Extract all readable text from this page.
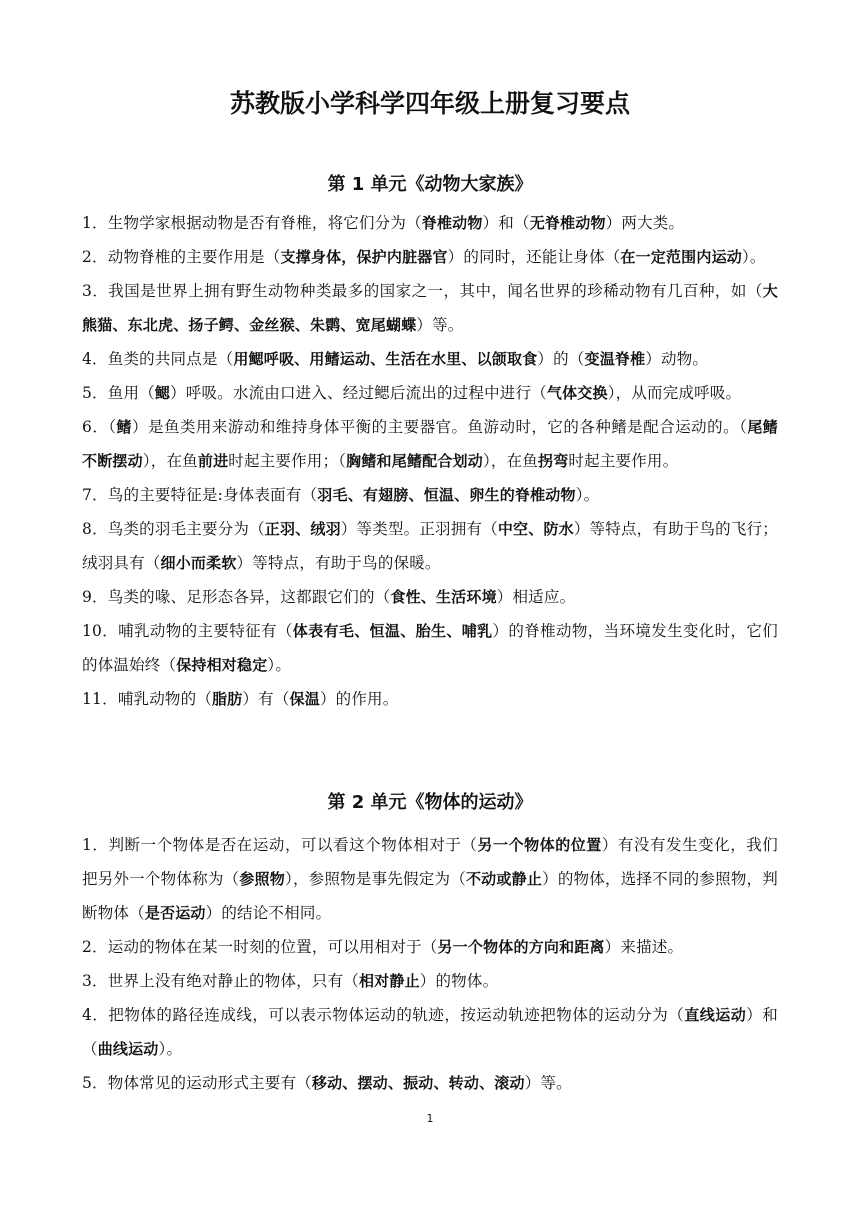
苏教版小学科学四年级上册复习要点
第 1 单元《动物大家族》

1．生物学家根据动物是否有脊椎，将它们分为（脊椎动物）和（无脊椎动物）两大类。

2．动物脊椎的主要作用是（支撑身体，保护内脏器官）的同时，还能让身体（在一定范围内运动）。

3．我国是世界上拥有野生动物种类最多的国家之一，其中，闻名世界的珍稀动物有几百种，如（大熊猫、东北虎、扬子鳄、金丝猴、朱鹮、宽尾蝴蝶）等。

4．鱼类的共同点是（用鳃呼吸、用鳍运动、生活在水里、以颌取食）的（变温脊椎）动物。

5．鱼用（鳃）呼吸。水流由口进入、经过鳃后流出的过程中进行（气体交换），从而完成呼吸。

6．（鳍）是鱼类用来游动和维持身体平衡的主要器官。鱼游动时，它的各种鳍是配合运动的。（尾鳍不断摆动），在鱼前进时起主要作用；（胸鳍和尾鳍配合划动），在鱼拐弯时起主要作用。

7．鸟的主要特征是:身体表面有（羽毛、有翅膀、恒温、卵生的脊椎动物）。

8．鸟类的羽毛主要分为（正羽、绒羽）等类型。正羽拥有（中空、防水）等特点，有助于鸟的飞行；绒羽具有（细小而柔软）等特点，有助于鸟的保暖。

9．鸟类的喙、足形态各异，这都跟它们的（食性、生活环境）相适应。

10．哺乳动物的主要特征有（体表有毛、恒温、胎生、哺乳）的脊椎动物，当环境发生变化时，它们的体温始终（保持相对稳定）。

11．哺乳动物的（脂肪）有（保温）的作用。

第 2 单元《物体的运动》

1．判断一个物体是否在运动，可以看这个物体相对于（另一个物体的位置）有没有发生变化，我们把另外一个物体称为（参照物），参照物是事先假定为（不动或静止）的物体，选择不同的参照物，判断物体（是否运动）的结论不相同。

2．运动的物体在某一时刻的位置，可以用相对于（另一个物体的方向和距离）来描述。

3．世界上没有绝对静止的物体，只有（相对静止）的物体。

4．把物体的路径连成线，可以表示物体运动的轨迹，按运动轨迹把物体的运动分为（直线运动）和（曲线运动）。

5．物体常见的运动形式主要有（移动、摆动、振动、转动、滚动）等。

1
